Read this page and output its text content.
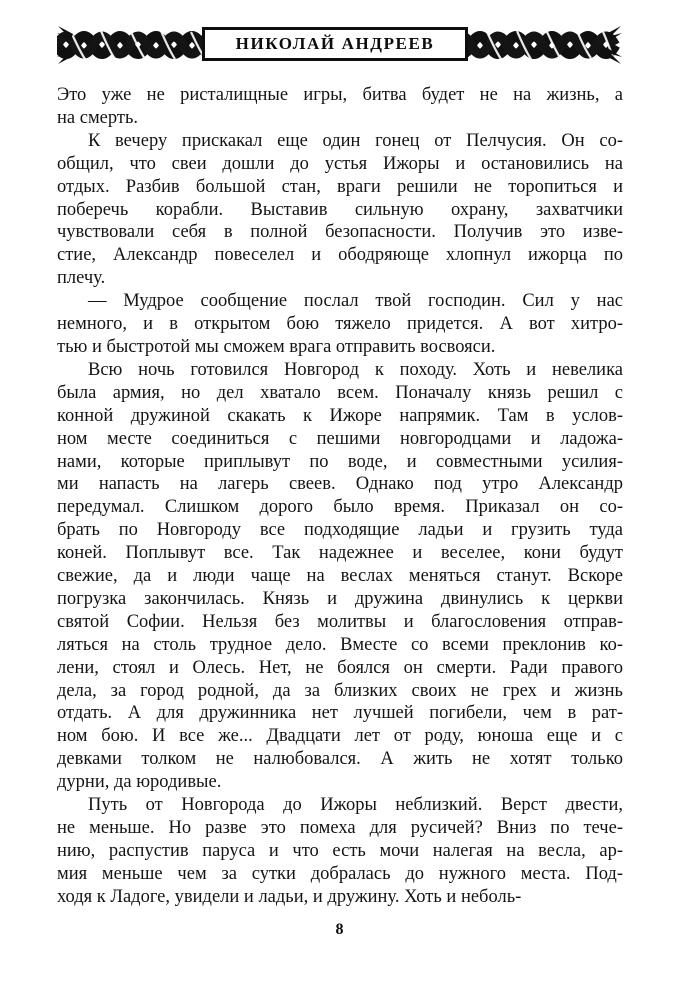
НИКОЛАЙ АНДРЕЕВ
Это уже не ристалищные игры, битва будет не на жизнь, а
на смерть.
К вечеру прискакал еще один гонец от Пелчусия. Он со-
общил, что свеи дошли до устья Ижоры и остановились на
отдых. Разбив большой стан, враги решили не торопиться и
поберечь корабли. Выставив сильную охрану, захватчики
чувствовали себя в полной безопасности. Получив это изве-
стие, Александр повеселел и ободряюще хлопнул ижорца по
плечу.
— Мудрое сообщение послал твой господин. Сил у нас
немного, и в открытом бою тяжело придется. А вот хитро-
тью и быстротой мы сможем врага отправить восвояси.
Всю ночь готовился Новгород к походу. Хоть и невелика
была армия, но дел хватало всем. Поначалу князь решил с
конной дружиной скакать к Ижоре напрямик. Там в услов-
ном месте соединиться с пешими новгородцами и ладожа-
нами, которые приплывут по воде, и совместными усилия-
ми напасть на лагерь свеев. Однако под утро Александр
передумал. Слишком дорого было время. Приказал он со-
брать по Новгороду все подходящие ладьи и грузить туда
коней. Поплывут все. Так надежнее и веселее, кони будут
свежие, да и люди чаще на веслах меняться станут. Вскоре
погрузка закончилась. Князь и дружина двинулись к церкви
святой Софии. Нельзя без молитвы и благословения отправ-
ляться на столь трудное дело. Вместе со всеми преклонив ко-
лени, стоял и Олесь. Нет, не боялся он смерти. Ради правого
дела, за город родной, да за близких своих не грех и жизнь
отдать. А для дружинника нет лучшей погибели, чем в рат-
ном бою. И все же... Двадцати лет от роду, юноша еще и с
девками толком не налюбовался. А жить не хотят только
дурни, да юродивые.
Путь от Новгорода до Ижоры неблизкий. Верст двести,
не меньше. Но разве это помеха для русичей? Вниз по тече-
нию, распустив паруса и что есть мочи налегая на весла, ар-
мия меньше чем за сутки добралась до нужного места. Под-
ходя к Ладоге, увидели и ладьи, и дружину. Хоть и неболь-
8
